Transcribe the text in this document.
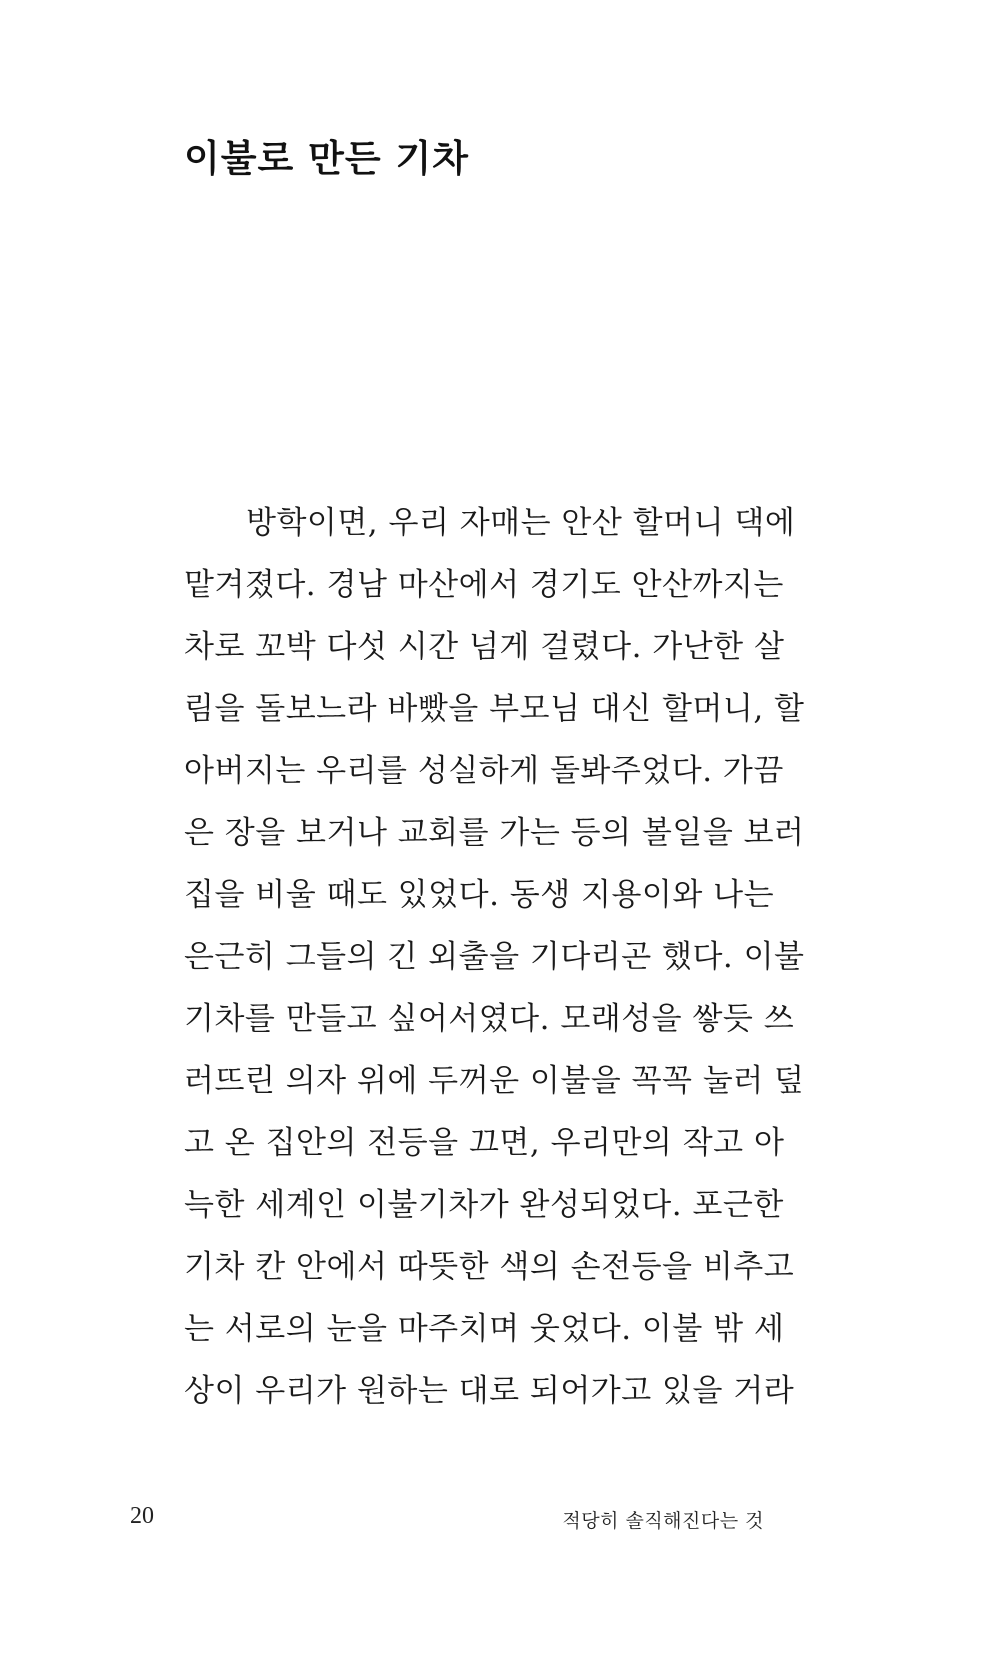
이불로 만든 기차
방학이면, 우리 자매는 안산 할머니 댁에
맡겨졌다. 경남 마산에서 경기도 안산까지는
차로 꼬박 다섯 시간 넘게 걸렸다. 가난한 살
림을 돌보느라 바빴을 부모님 대신 할머니, 할
아버지는 우리를 성실하게 돌봐주었다. 가끔
은 장을 보거나 교회를 가는 등의 볼일을 보러
집을 비울 때도 있었다. 동생 지용이와 나는
은근히 그들의 긴 외출을 기다리곤 했다. 이불
기차를 만들고 싶어서였다. 모래성을 쌓듯 쓰
러뜨린 의자 위에 두꺼운 이불을 꼭꼭 눌러 덮
고 온 집안의 전등을 끄면, 우리만의 작고 아
늑한 세계인 이불기차가 완성되었다. 포근한
기차 칸 안에서 따뜻한 색의 손전등을 비추고
는 서로의 눈을 마주치며 웃었다. 이불 밖 세
상이 우리가 원하는 대로 되어가고 있을 거라
20	적당히 솔직해진다는 것
